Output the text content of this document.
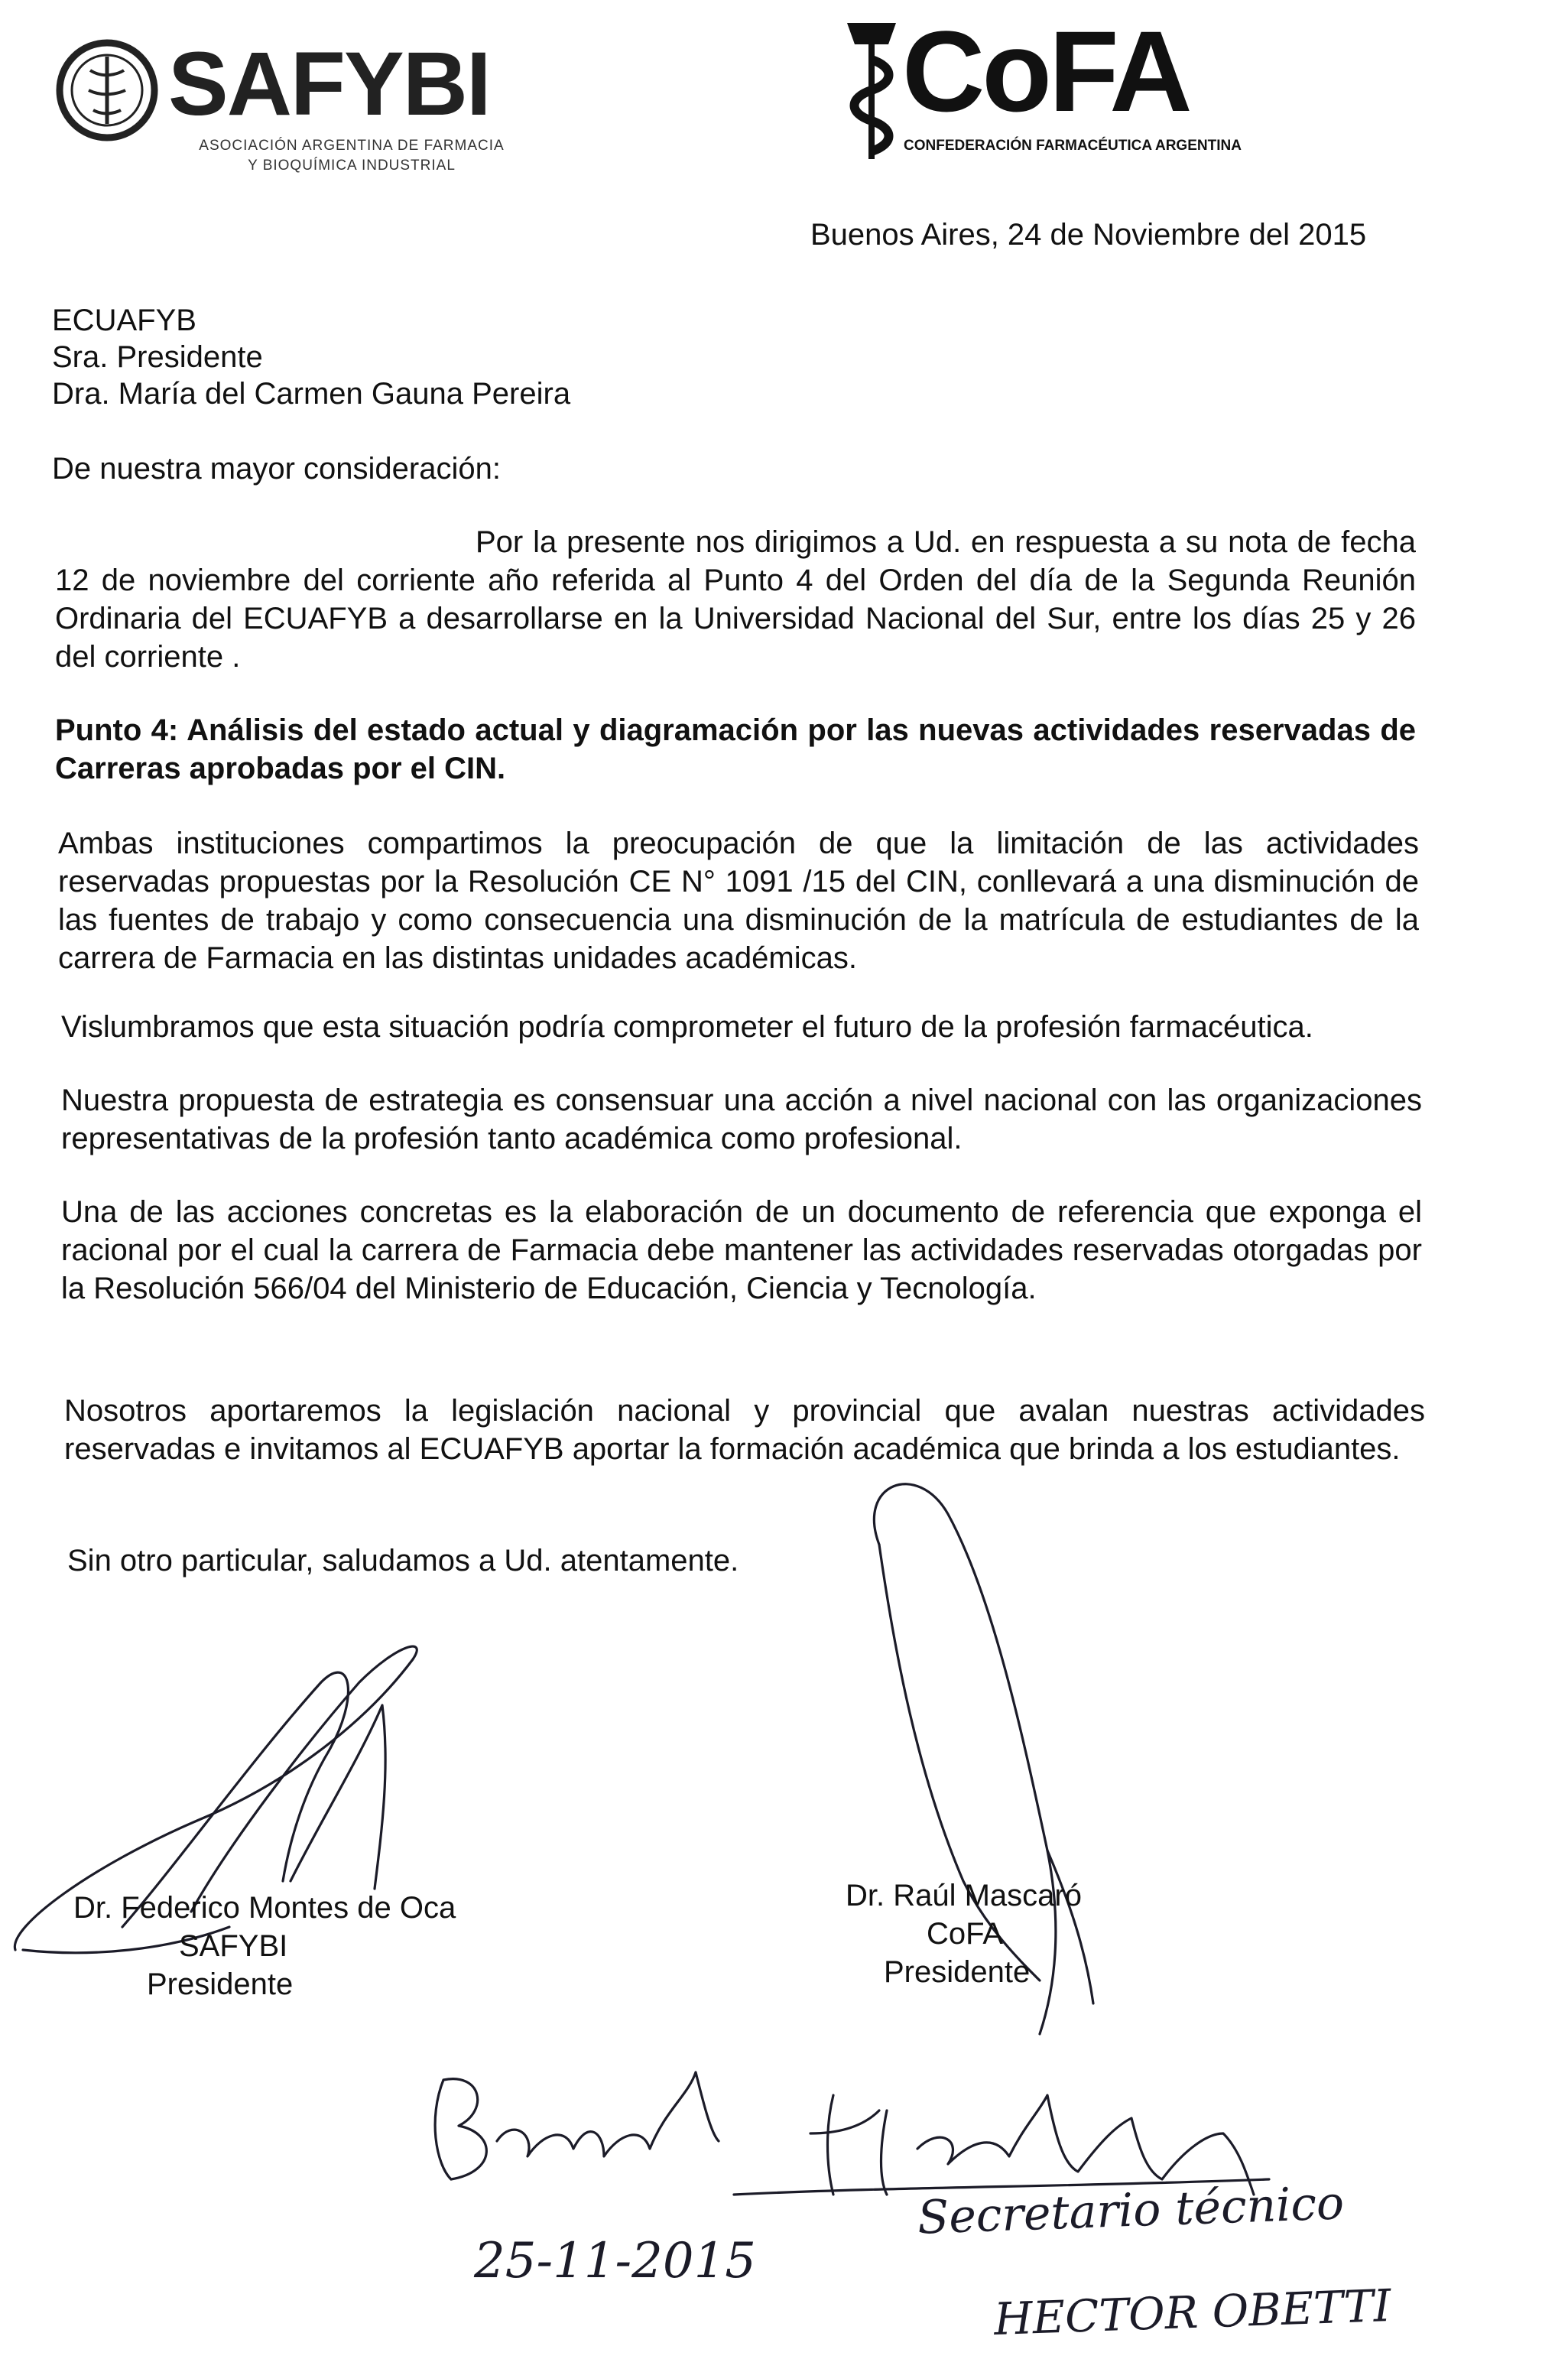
SAFYBI
ASOCIACIÓN ARGENTINA DE FARMACIA
Y BIOQUÍMICA INDUSTRIAL
CoFA
CONFEDERACIÓN FARMACÉUTICA ARGENTINA
Buenos Aires, 24 de Noviembre del 2015
ECUAFYB
Sra. Presidente
Dra. María del Carmen Gauna Pereira
De nuestra mayor consideración:
Por la presente nos dirigimos a Ud. en respuesta a su nota de fecha 12 de noviembre del corriente año referida al Punto 4 del Orden del día de la Segunda Reunión Ordinaria del ECUAFYB a desarrollarse en la Universidad Nacional del Sur, entre los días 25 y 26 del corriente .
Punto 4: Análisis del estado actual y diagramación por las nuevas actividades reservadas de Carreras aprobadas por el CIN.
Ambas instituciones compartimos la preocupación de que la limitación de las actividades reservadas propuestas por la Resolución CE N° 1091 /15 del CIN, conllevará a una disminución de las fuentes de trabajo y como consecuencia una disminución de la matrícula de estudiantes de la carrera de Farmacia en las distintas unidades académicas.
Vislumbramos que esta situación podría comprometer el futuro de la profesión farmacéutica.
Nuestra propuesta de estrategia es consensuar una acción a nivel nacional con las organizaciones representativas de la profesión tanto académica como profesional.
Una de las acciones concretas es la elaboración de un documento de referencia que exponga el racional por el cual la carrera de Farmacia debe mantener las actividades reservadas otorgadas por la Resolución 566/04 del Ministerio de Educación, Ciencia y Tecnología.
Nosotros aportaremos la legislación nacional y provincial que avalan nuestras actividades reservadas e invitamos al ECUAFYB aportar la formación académica que brinda a los estudiantes.
Sin otro particular, saludamos a Ud. atentamente.
Dr. Federico Montes de Oca
SAFYBI
Presidente
Dr. Raúl Mascaró
CoFA
Presidente
25-11-2015
Secretario técnico
HECTOR OBETTI
